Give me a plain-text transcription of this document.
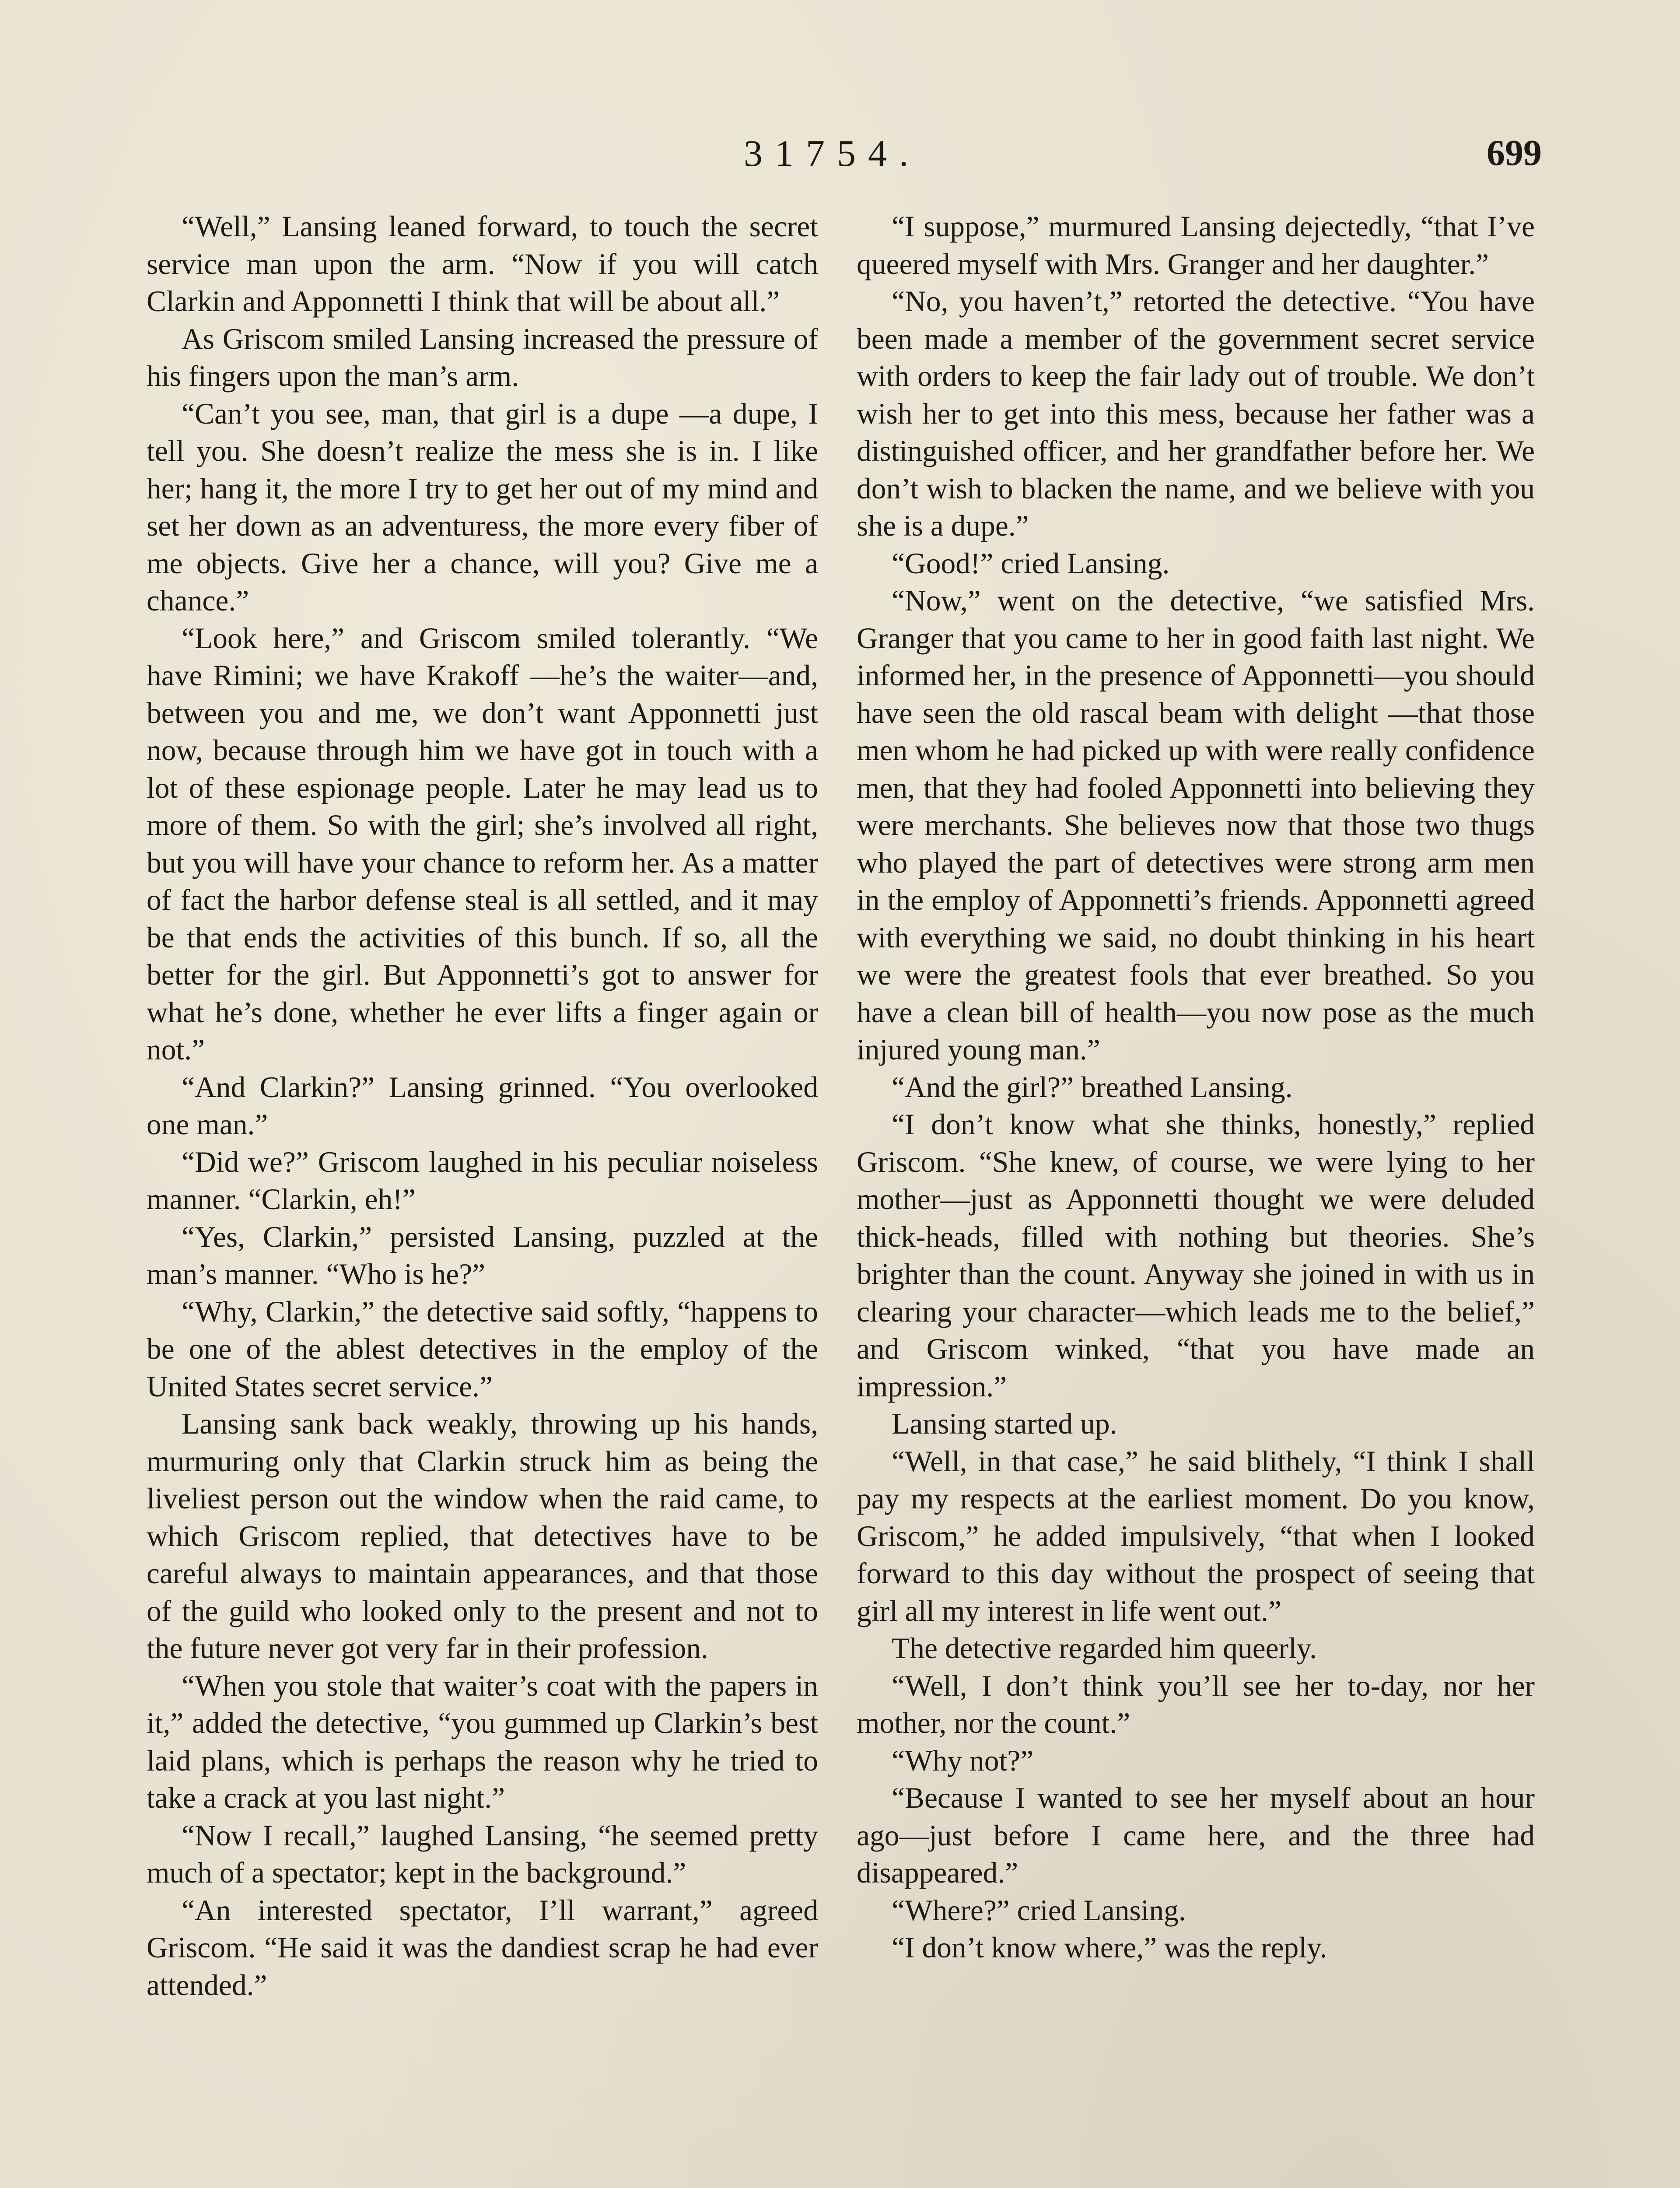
31754.	699

“Well,” Lansing leaned forward, to touch the secret service man upon the arm. “Now if you will catch Clarkin and Apponnetti I think that will be about all.”

As Griscom smiled Lansing increased the pressure of his fingers upon the man’s arm.

“Can’t you see, man, that girl is a dupe —a dupe, I tell you. She doesn’t realize the mess she is in. I like her; hang it, the more I try to get her out of my mind and set her down as an adventuress, the more every fiber of me objects. Give her a chance, will you? Give me a chance.”

“Look here,” and Griscom smiled tolerantly. “We have Rimini; we have Krakoff —he’s the waiter—and, between you and me, we don’t want Apponnetti just now, because through him we have got in touch with a lot of these espionage people. Later he may lead us to more of them. So with the girl; she’s involved all right, but you will have your chance to reform her. As a matter of fact the harbor defense steal is all settled, and it may be that ends the activities of this bunch. If so, all the better for the girl. But Apponnetti’s got to answer for what he’s done, whether he ever lifts a finger again or not.”

“And Clarkin?” Lansing grinned. “You overlooked one man.”

“Did we?” Griscom laughed in his peculiar noiseless manner. “Clarkin, eh!”

“Yes, Clarkin,” persisted Lansing, puzzled at the man’s manner. “Who is he?”

“Why, Clarkin,” the detective said softly, “happens to be one of the ablest detectives in the employ of the United States secret service.”

Lansing sank back weakly, throwing up his hands, murmuring only that Clarkin struck him as being the liveliest person out the window when the raid came, to which Griscom replied, that detectives have to be careful always to maintain appearances, and that those of the guild who looked only to the present and not to the future never got very far in their profession.

“When you stole that waiter’s coat with the papers in it,” added the detective, “you gummed up Clarkin’s best laid plans, which is perhaps the reason why he tried to take a crack at you last night.”

“Now I recall,” laughed Lansing, “he seemed pretty much of a spectator; kept in the background.”

“An interested spectator, I’ll warrant,” agreed Griscom. “He said it was the dandiest scrap he had ever attended.”

“I suppose,” murmured Lansing dejectedly, “that I’ve queered myself with Mrs. Granger and her daughter.”

“No, you haven’t,” retorted the detective. “You have been made a member of the government secret service with orders to keep the fair lady out of trouble. We don’t wish her to get into this mess, because her father was a distinguished officer, and her grandfather before her. We don’t wish to blacken the name, and we believe with you she is a dupe.”

“Good!” cried Lansing.

“Now,” went on the detective, “we satisfied Mrs. Granger that you came to her in good faith last night. We informed her, in the presence of Apponnetti—you should have seen the old rascal beam with delight —that those men whom he had picked up with were really confidence men, that they had fooled Apponnetti into believing they were merchants. She believes now that those two thugs who played the part of detectives were strong arm men in the employ of Apponnetti’s friends. Apponnetti agreed with everything we said, no doubt thinking in his heart we were the greatest fools that ever breathed. So you have a clean bill of health—you now pose as the much injured young man.”

“And the girl?” breathed Lansing.

“I don’t know what she thinks, honestly,” replied Griscom. “She knew, of course, we were lying to her mother—just as Apponnetti thought we were deluded thick-heads, filled with nothing but theories. She’s brighter than the count. Anyway she joined in with us in clearing your character—which leads me to the belief,” and Griscom winked, “that you have made an impression.”

Lansing started up.

“Well, in that case,” he said blithely, “I think I shall pay my respects at the earliest moment. Do you know, Griscom,” he added impulsively, “that when I looked forward to this day without the prospect of seeing that girl all my interest in life went out.”

The detective regarded him queerly.

“Well, I don’t think you’ll see her to-day, nor her mother, nor the count.”

“Why not?”

“Because I wanted to see her myself about an hour ago—just before I came here, and the three had disappeared.”

“Where?” cried Lansing.

“I don’t know where,” was the reply.
